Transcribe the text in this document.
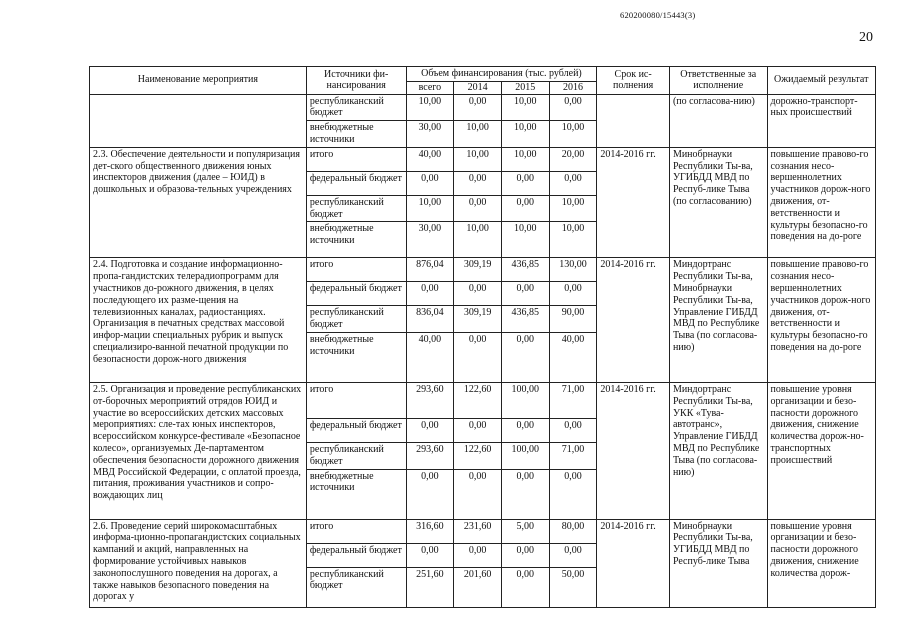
620200080/15443(3)
20
Наименование мероприятия	Источники фи-нансирования	Объем финансирования (тыс. рублей)				Срок ис-полнения	Ответственные за исполнение	Ожидаемый результат
		всего	2014	2015	2016			
	республиканский бюджет	10,00	0,00	10,00	0,00		(по согласова-нию)	дорожно-транспорт-ных происшествий
	внебюджетные источники	30,00	10,00	10,00	10,00			
2.3. Обеспечение деятельности и популяризация дет-ского общественного движения юных инспекторов движения (далее – ЮИД) в дошкольных и образова-тельных учреждениях	итого	40,00	10,00	10,00	20,00	2014-2016 гг.	Минобрнауки Республики Ты-ва, УГИБДД МВД по Респуб-лике Тыва (по согласованию)	повышение правово-го сознания несо-вершеннолетних участников дорож-ного движения, от-ветственности и культуры безопасно-го поведения на до-роге
	федеральный бюджет	0,00	0,00	0,00	0,00			
	республиканский бюджет	10,00	0,00	0,00	10,00			
	внебюджетные источники	30,00	10,00	10,00	10,00			
2.4. Подготовка и создание информационно-пропа-гандистских телерадиопрограмм для участников до-рожного движения, в целях последующего их разме-щения на телевизионных каналах, радиостанциях. Организация в печатных средствах массовой инфор-мации специальных рубрик и выпуск специализиро-ванной печатной продукции по безопасности дорож-ного движения	итого	876,04	309,19	436,85	130,00	2014-2016 гг.	Миндортранс Республики Ты-ва, Минобрнауки Республики Ты-ва, Управление ГИБДД МВД по Республике Тыва (по согласова-нию)	повышение правово-го сознания несо-вершеннолетних участников дорож-ного движения, от-ветственности и культуры безопасно-го поведения на до-роге
	федеральный бюджет	0,00	0,00	0,00	0,00			
	республиканский бюджет	836,04	309,19	436,85	90,00			
	внебюджетные источники	40,00	0,00	0,00	40,00			
2.5. Организация и проведение республиканских от-борочных мероприятий отрядов ЮИД и участие во всероссийских детских массовых мероприятиях: сле-тах юных инспекторов, всероссийском конкурсе-фестивале «Безопасное колесо», организуемых Де-партаментом обеспечения безопасности дорожного движения МВД Российской Федерации, с оплатой проезда, питания, проживания участников и сопро-вождающих лиц	итого	293,60	122,60	100,00	71,00	2014-2016 гг.	Миндортранс Республики Ты-ва, УКК «Тува-автотранс», Управление ГИБДД МВД по Республике Тыва (по согласова-нию)	повышение уровня организации и безо-пасности дорожного движения, снижение количества дорож-но-транспортных происшествий
	федеральный бюджет	0,00	0,00	0,00	0,00			
	республиканский бюджет	293,60	122,60	100,00	71,00			
	внебюджетные источники	0,00	0,00	0,00	0,00			
2.6. Проведение серий широкомасштабных информа-ционно-пропагандистских социальных кампаний и акций, направленных на формирование устойчивых навыков законопослушного поведения на дорогах, а также навыков безопасного поведения на дорогах у	итого	316,60	231,60	5,00	80,00	2014-2016 гг.	Минобрнауки Республики Ты-ва, УГИБДД МВД по Респуб-лике Тыва	повышение уровня организации и безо-пасности дорожного движения, снижение количества дорож-
	федеральный бюджет	0,00	0,00	0,00	0,00			
	республиканский бюджет	251,60	201,60	0,00	50,00			
